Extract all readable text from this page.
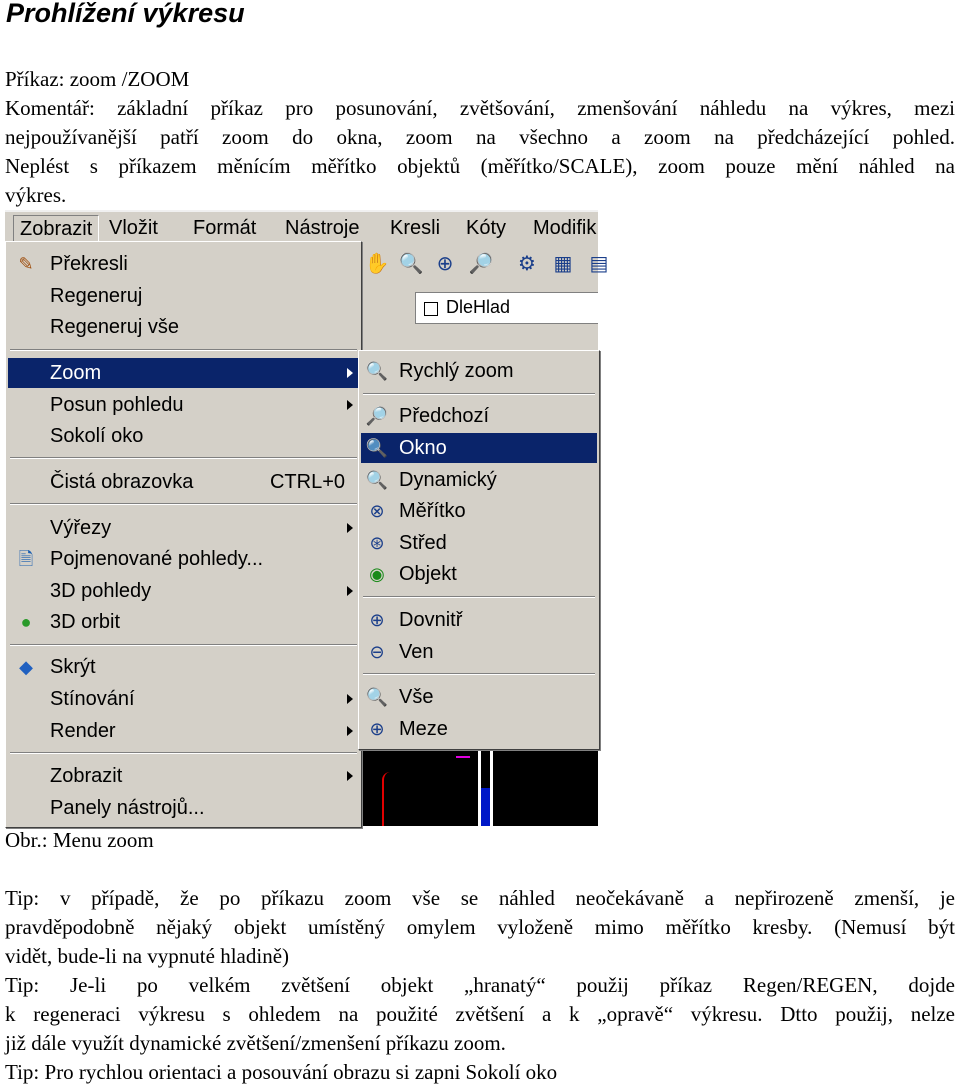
Prohlížení výkresu
Příkaz: zoom /ZOOM
Komentář: základní příkaz pro posunování, zvětšování, zmenšování náhledu na výkres, mezi
nejpoužívanější patří zoom do okna, zoom na všechno a zoom na předcházející pohled.
Neplést s příkazem měnícím měřítko objektů (měřítko/SCALE), zoom pouze mění náhled na
výkres.
Zobrazit Vložit	Formát	Nástroje	Kresli	Kóty	Modifik
✋ 🔍 ⊕ 🔎 ⚙ ▦ ▤
DleHlad
✎ Překresli
Regeneruj
Regeneruj vše
Zoom
Posun pohledu
Sokolí oko
Čistá obrazovka	CTRL+0
Výřezy
🗎 Pojmenované pohledy...
3D pohledy
● 3D orbit
◆ Skrýt
Stínování
Render
Zobrazit
Panely nástrojů...
🔍 Rychlý zoom
🔎 Předchozí
🔍 Okno
🔍 Dynamický
⊗ Měřítko
⊛ Střed
◉ Objekt
⊕ Dovnitř
⊖ Ven
🔍 Vše
⊕ Meze
Obr.: Menu zoom
Tip: v případě, že po příkazu zoom vše se náhled neočekávaně a nepřirozeně zmenší, je
pravděpodobně nějaký objekt umístěný omylem vyloženě mimo měřítko kresby. (Nemusí být
vidět, bude-li na vypnuté hladině)
Tip: Je-li po velkém zvětšení objekt „hranatý“ použij příkaz Regen/REGEN, dojde
k regeneraci výkresu s ohledem na použité zvětšení a k „opravě“ výkresu. Dtto použij, nelze
již dále využít dynamické zvětšení/zmenšení příkazu zoom.
Tip: Pro rychlou orientaci a posouvání obrazu si zapni Sokolí oko
